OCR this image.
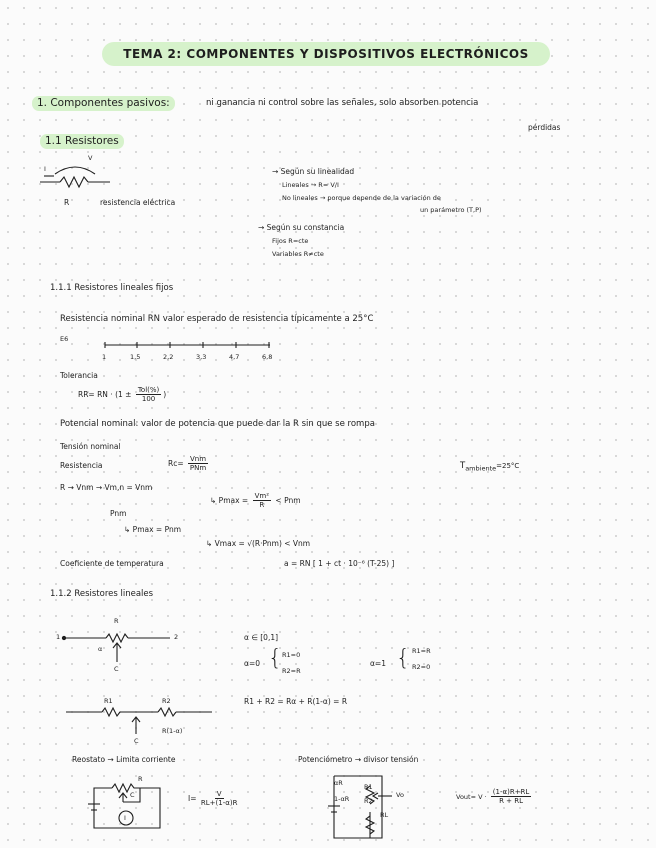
TEMA 2: COMPONENTES Y DISPOSITIVOS ELECTRÓNICOS
1. Componentes pasivos:	ni ganancia ni control sobre las señales, solo absorben potencia
pérdidas
1.1 Resistores
I
V
R	resistencia eléctrica
→ Según su linealidad
Lineales → R= V/I
No lineales → porque depende de la variación de
un parámetro (T,P)
→ Según su constancia
Fijos R=cte
Variables R≠cte
1.1.1 Resistores lineales fijos
Resistencia nominal RN valor esperado de resistencia típicamente a 25°C
E6
1	1,5	2,2	3,3	4,7	6,8
Tolerancia
RR= RN · ($1 \pm \frac{\text{Tol(\%)}}{100}$ )
Potencial nominal: valor de potencia que puede dar la R sin que se rompa
Tensión nominal
Resistencia	$Rc= \frac{\text{Vnm}}{\text{PNm}}$	$T_{ambiente}=25^\circ C$
R → Vnm → Vm,n = Vnm
↳ $Pmax = \frac{\text{Vm²}}{R}$ < Pnm
Pnm
↳ Pmax = Pnm
↳ Vmax = √(R·Pnm) < Vnm
Coeficiente de temperatura	a = RN [ 1 + ct · 10⁻⁶ (T-25) ]
1.1.2 Resistores lineales
R
1	2
α
C
α ∈ [0,1]
α=0 { R1=0
R2=R
α=1 { R1=R
R2=0
R1	R2
R(1-α)
C
R1 + R2 = Rα + R(1-α) = R
Reostato → Limita corriente	Potenciómetro → divisor tensión
R
C
I
$I= \frac{V}{RL+(1-\alpha)R}$
αR
1-αR
R1
R2
Vo
RL
Vout= $V \cdot \frac{(1-\alpha)R+RL}{R + RL}$
